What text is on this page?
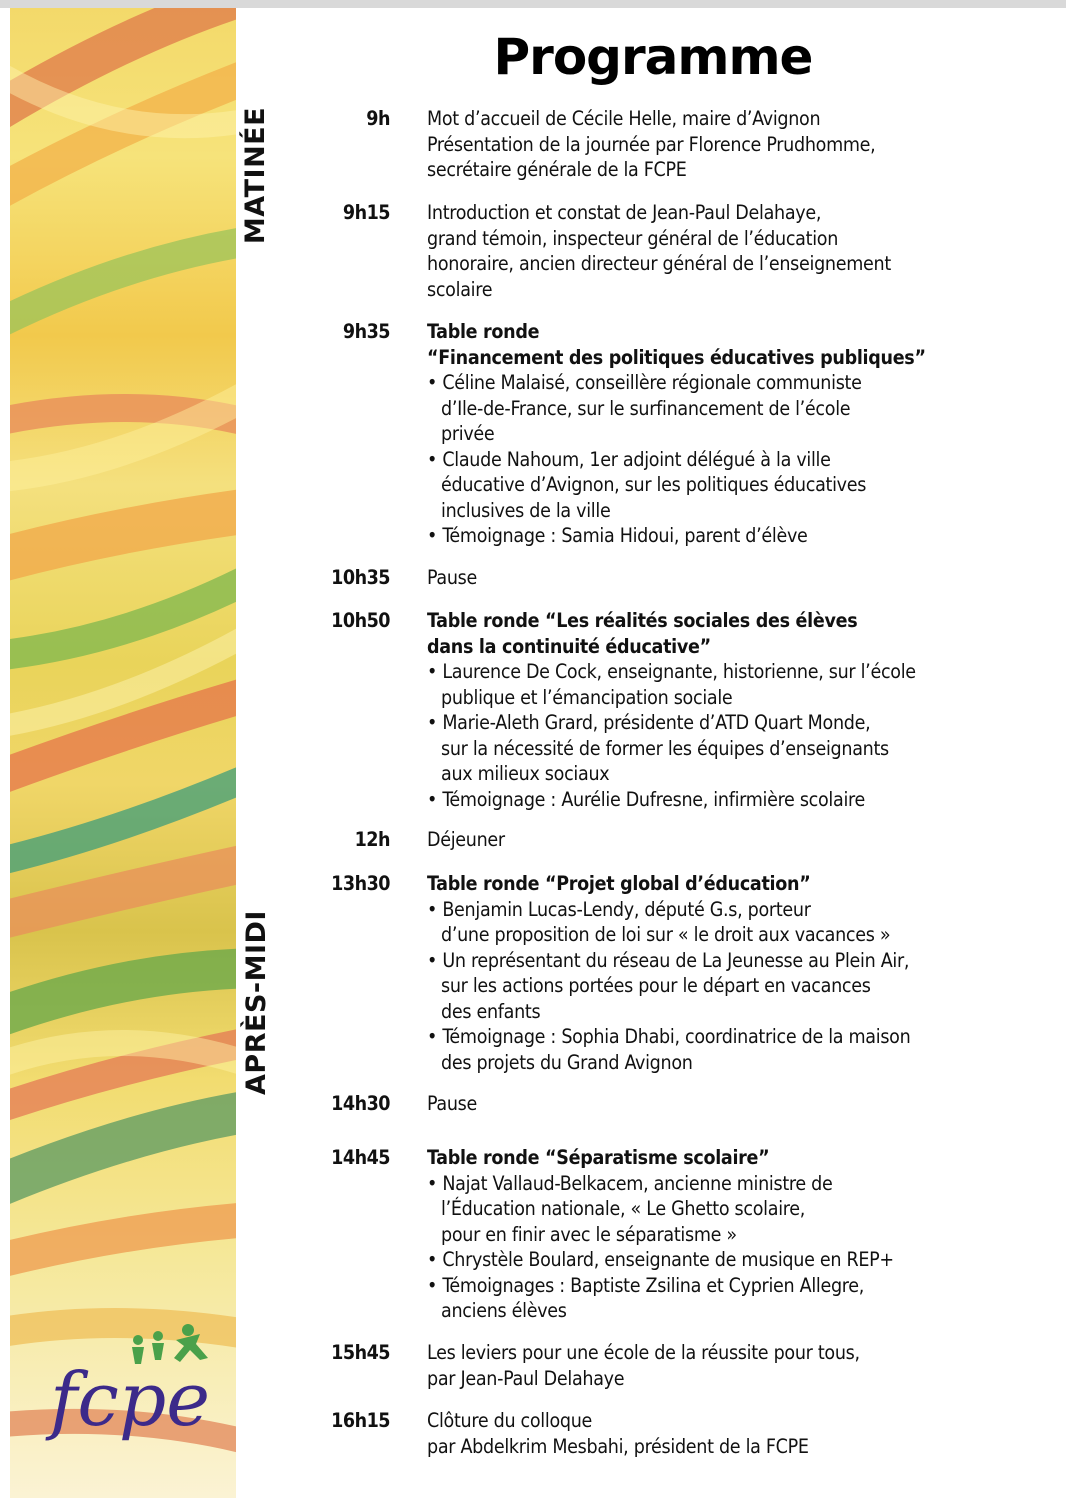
fcpe
MATINÉE
APRÈS-MIDI
Programme
9h Mot d’accueil de Cécile Helle, maire d’Avignon
Présentation de la journée par Florence Prudhomme,
secrétaire générale de la FCPE
9h15 Introduction et constat de Jean-Paul Delahaye,
grand témoin, inspecteur général de l’éducation
honoraire, ancien directeur général de l’enseignement
scolaire
9h35 Table ronde
“Financement des politiques éducatives publiques”
• Céline Malaisé, conseillère régionale communiste
d’Ile-de-France, sur le surfinancement de l’école
privée
• Claude Nahoum, 1er adjoint délégué à la ville
éducative d’Avignon, sur les politiques éducatives
inclusives de la ville
• Témoignage : Samia Hidoui, parent d’élève
10h35 Pause
10h50 Table ronde “Les réalités sociales des élèves
dans la continuité éducative”
• Laurence De Cock, enseignante, historienne, sur l’école
publique et l’émancipation sociale
• Marie-Aleth Grard, présidente d’ATD Quart Monde,
sur la nécessité de former les équipes d’enseignants
aux milieux sociaux
• Témoignage : Aurélie Dufresne, infirmière scolaire
12h Déjeuner
13h30 Table ronde “Projet global d’éducation”
• Benjamin Lucas-Lendy, député G.s, porteur
d’une proposition de loi sur « le droit aux vacances »
• Un représentant du réseau de La Jeunesse au Plein Air,
sur les actions portées pour le départ en vacances
des enfants
• Témoignage : Sophia Dhabi, coordinatrice de la maison
des projets du Grand Avignon
14h30 Pause
14h45 Table ronde “Séparatisme scolaire”
• Najat Vallaud-Belkacem, ancienne ministre de
l’Éducation nationale, « Le Ghetto scolaire,
pour en finir avec le séparatisme »
• Chrystèle Boulard, enseignante de musique en REP+
• Témoignages : Baptiste Zsilina et Cyprien Allegre,
anciens élèves
15h45 Les leviers pour une école de la réussite pour tous,
par Jean-Paul Delahaye
16h15 Clôture du colloque
par Abdelkrim Mesbahi, président de la FCPE
